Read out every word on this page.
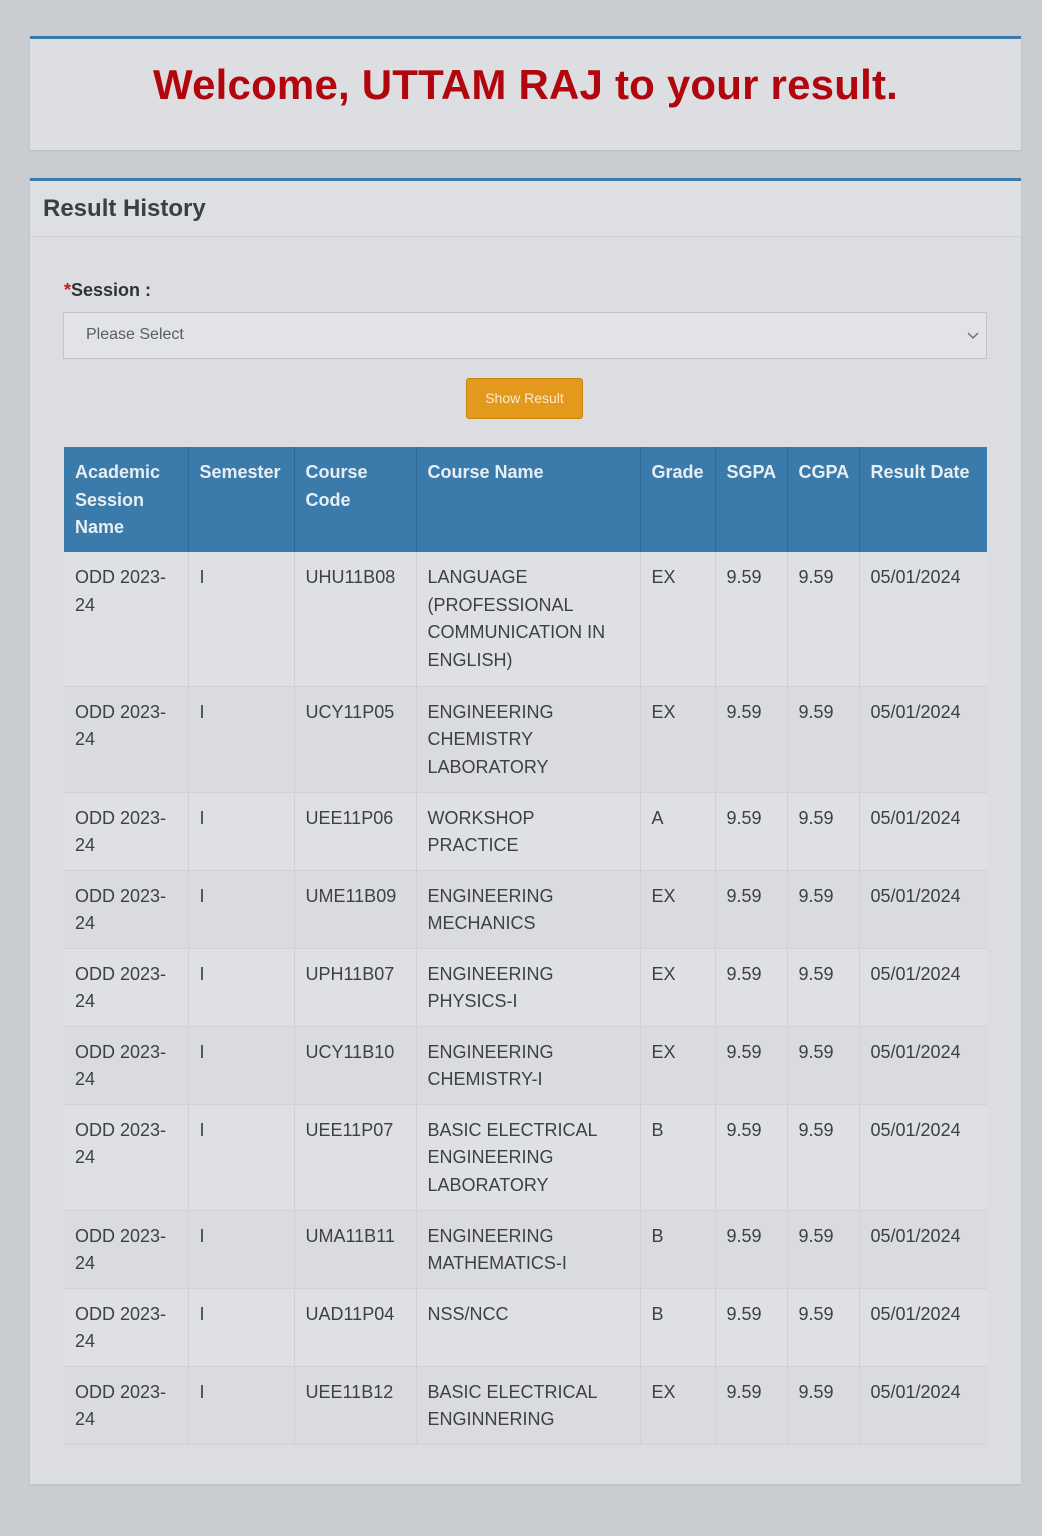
Welcome, UTTAM RAJ to your result.
Result History
*Session :
Please Select
Show Result
Academic Session Name	Semester	Course Code	Course Name	Grade	SGPA	CGPA	Result Date
ODD 2023-24	I	UHU11B08	LANGUAGE (PROFESSIONAL COMMUNICATION IN ENGLISH)	EX	9.59	9.59	05/01/2024
ODD 2023-24	I	UCY11P05	ENGINEERING CHEMISTRY LABORATORY	EX	9.59	9.59	05/01/2024
ODD 2023-24	I	UEE11P06	WORKSHOP PRACTICE	A	9.59	9.59	05/01/2024
ODD 2023-24	I	UME11B09	ENGINEERING MECHANICS	EX	9.59	9.59	05/01/2024
ODD 2023-24	I	UPH11B07	ENGINEERING PHYSICS-I	EX	9.59	9.59	05/01/2024
ODD 2023-24	I	UCY11B10	ENGINEERING CHEMISTRY-I	EX	9.59	9.59	05/01/2024
ODD 2023-24	I	UEE11P07	BASIC ELECTRICAL ENGINEERING LABORATORY	B	9.59	9.59	05/01/2024
ODD 2023-24	I	UMA11B11	ENGINEERING MATHEMATICS-I	B	9.59	9.59	05/01/2024
ODD 2023-24	I	UAD11P04	NSS/NCC	B	9.59	9.59	05/01/2024
ODD 2023-24	I	UEE11B12	BASIC ELECTRICAL ENGINNERING	EX	9.59	9.59	05/01/2024
